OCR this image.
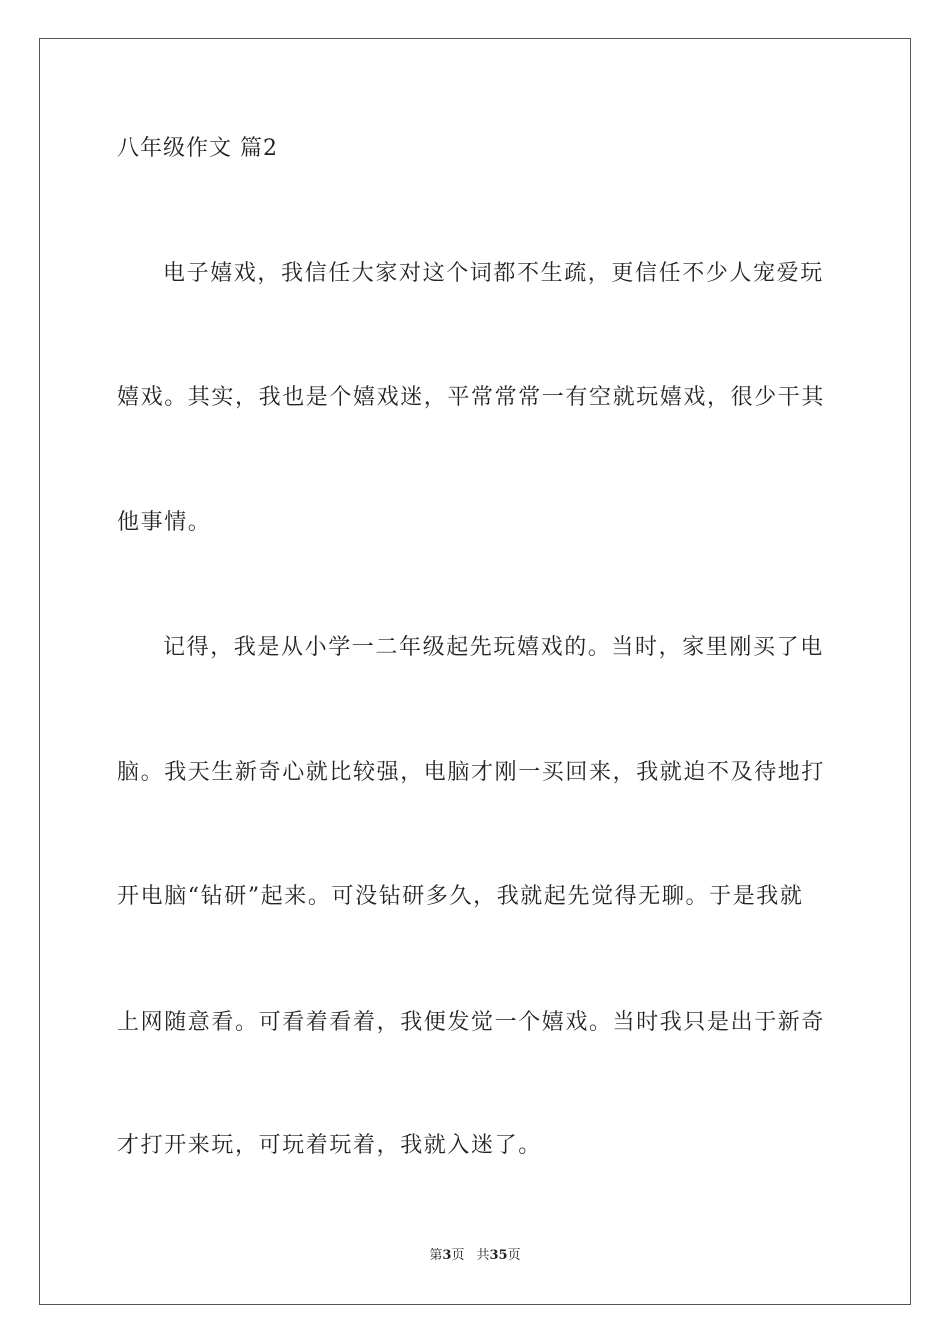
八年级作文 篇2
电子嬉戏，我信任大家对这个词都不生疏，更信任不少人宠爱玩
嬉戏。其实，我也是个嬉戏迷，平常常常一有空就玩嬉戏，很少干其
他事情。
记得，我是从小学一二年级起先玩嬉戏的。当时，家里刚买了电
脑。我天生新奇心就比较强，电脑才刚一买回来，我就迫不及待地打
开电脑“钻研”起来。可没钻研多久，我就起先觉得无聊。于是我就
上网随意看。可看着看着，我便发觉一个嬉戏。当时我只是出于新奇
才打开来玩，可玩着玩着，我就入迷了。
第3页 共35页
